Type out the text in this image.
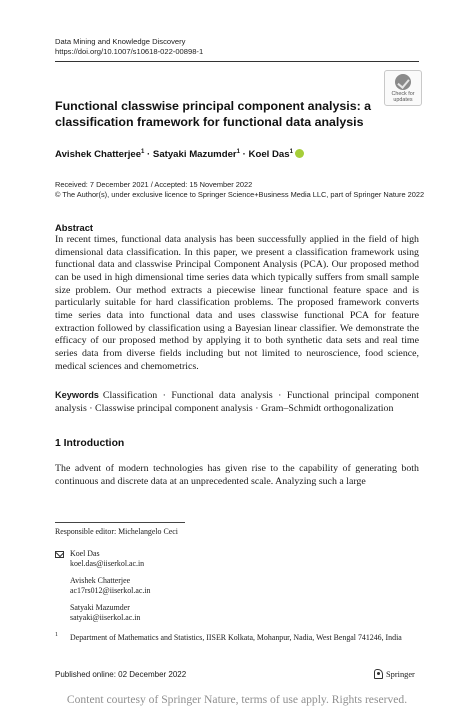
Data Mining and Knowledge Discovery
https://doi.org/10.1007/s10618-022-00898-1
Check for
updates
Functional classwise principal component analysis: a classification framework for functional data analysis
Avishek Chatterjee$^1$ · Satyaki Mazumder$^1$ · Koel Das$^1$
Received: 7 December 2021 / Accepted: 15 November 2022
© The Author(s), under exclusive licence to Springer Science+Business Media LLC, part of Springer Nature 2022
Abstract

In recent times, functional data analysis has been successfully applied in the field of high dimensional data classification. In this paper, we present a classification framework using functional data and classwise Principal Component Analysis (PCA). Our proposed method can be used in high dimensional time series data which typically suffers from small sample size problem. Our method extracts a piecewise linear functional feature space and is particularly suitable for hard classification problems. The proposed framework converts time series data into functional data and uses classwise functional PCA for feature extraction followed by classification using a Bayesian linear classifier. We demonstrate the efficacy of our proposed method by applying it to both synthetic data sets and real time series data from diverse fields including but not limited to neuroscience, food science, medical sciences and chemometrics.

Keywords Classification · Functional data analysis · Functional principal component analysis · Classwise principal component analysis · Gram–Schmidt orthogonalization

1 Introduction

The advent of modern technologies has given rise to the capability of generating both continuous and discrete data at an unprecedented scale. Analyzing such a large

Responsible editor: Michelangelo Ceci
Koel Das
koel.das@iiserkol.ac.in
Avishek Chatterjee
ac17rs012@iiserkol.ac.in
Satyaki Mazumder
satyaki@iiserkol.ac.in
1 Department of Mathematics and Statistics, IISER Kolkata, Mohanpur, Nadia, West Bengal 741246, India
Published online: 02 December 2022	Springer
Content courtesy of Springer Nature, terms of use apply. Rights reserved.
